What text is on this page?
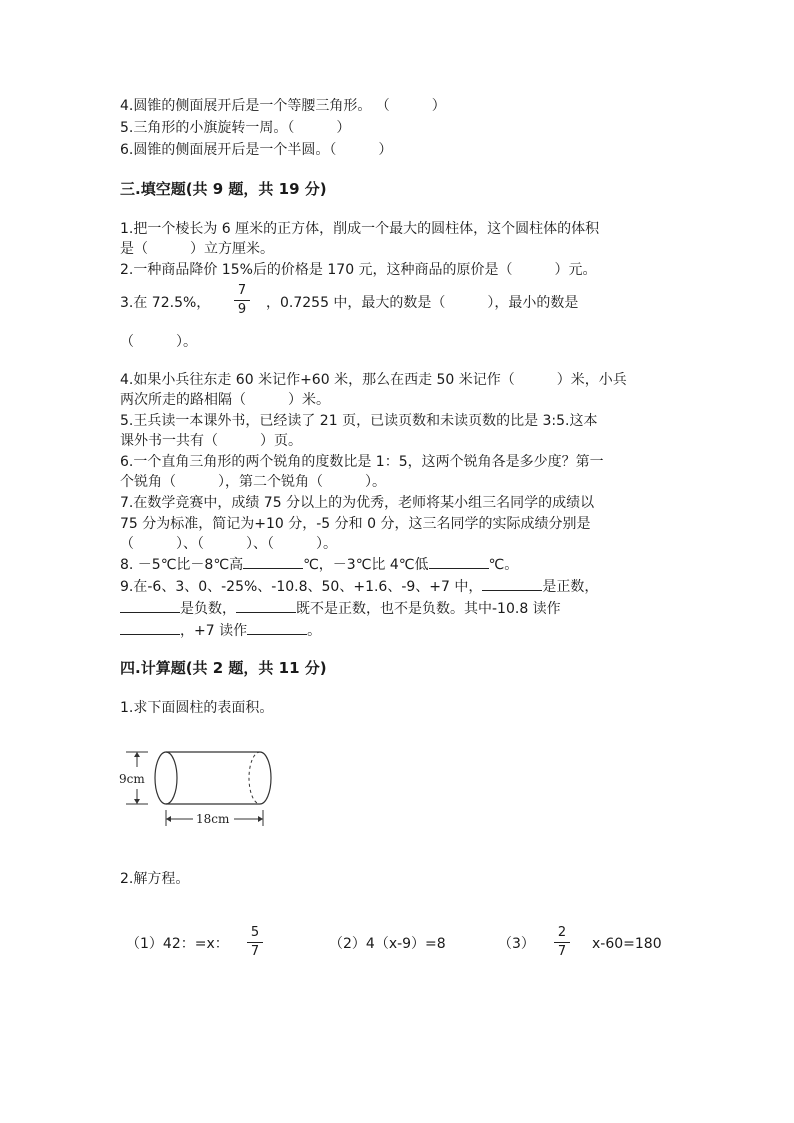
4.圆锥的侧面展开后是一个等腰三角形。 （　　　）
5.三角形的小旗旋转一周。（　　　）
6.圆锥的侧面展开后是一个半圆。（　　　）
三.填空题(共 9 题，共 19 分)
1.把一个棱长为 6 厘米的正方体，削成一个最大的圆柱体，这个圆柱体的体积
是（　　　）立方厘米。
2.一种商品降价 15%后的价格是 170 元，这种商品的原价是（　　　）元。
3.在 72.5%，
7
9 ，0.7255 中，最大的数是（　　　），最小的数是
（　　　）。
4.如果小兵往东走 60 米记作+60 米，那么在西走 50 米记作（　　　）米，小兵
两次所走的路相隔（　　　）米。
5.王兵读一本课外书，已经读了 21 页，已读页数和未读页数的比是 3:5.这本
课外书一共有（　　　）页。
6.一个直角三角形的两个锐角的度数比是 1：5，这两个锐角各是多少度？第一
个锐角（　　　），第二个锐角（　　　）。
7.在数学竞赛中，成绩 75 分以上的为优秀，老师将某小组三名同学的成绩以
75 分为标准，简记为+10 分，-5 分和 0 分，这三名同学的实际成绩分别是
（　　　）、（　　　）、（　　　）。
8. －5℃比－8℃高	℃，－3℃比 4℃低	℃。
9.在-6、3、0、-25%、-10.8、50、+1.6、-9、+7 中，	是正数，
是负数，	既不是正数，也不是负数。其中-10.8 读作
，+7 读作	。
四.计算题(共 2 题，共 11 分)
1.求下面圆柱的表面积。
9cm
18cm
2.解方程。
（1）42：=x：
5
7	（2）4（x-9）=8	（3）
2
7 x-60=180
